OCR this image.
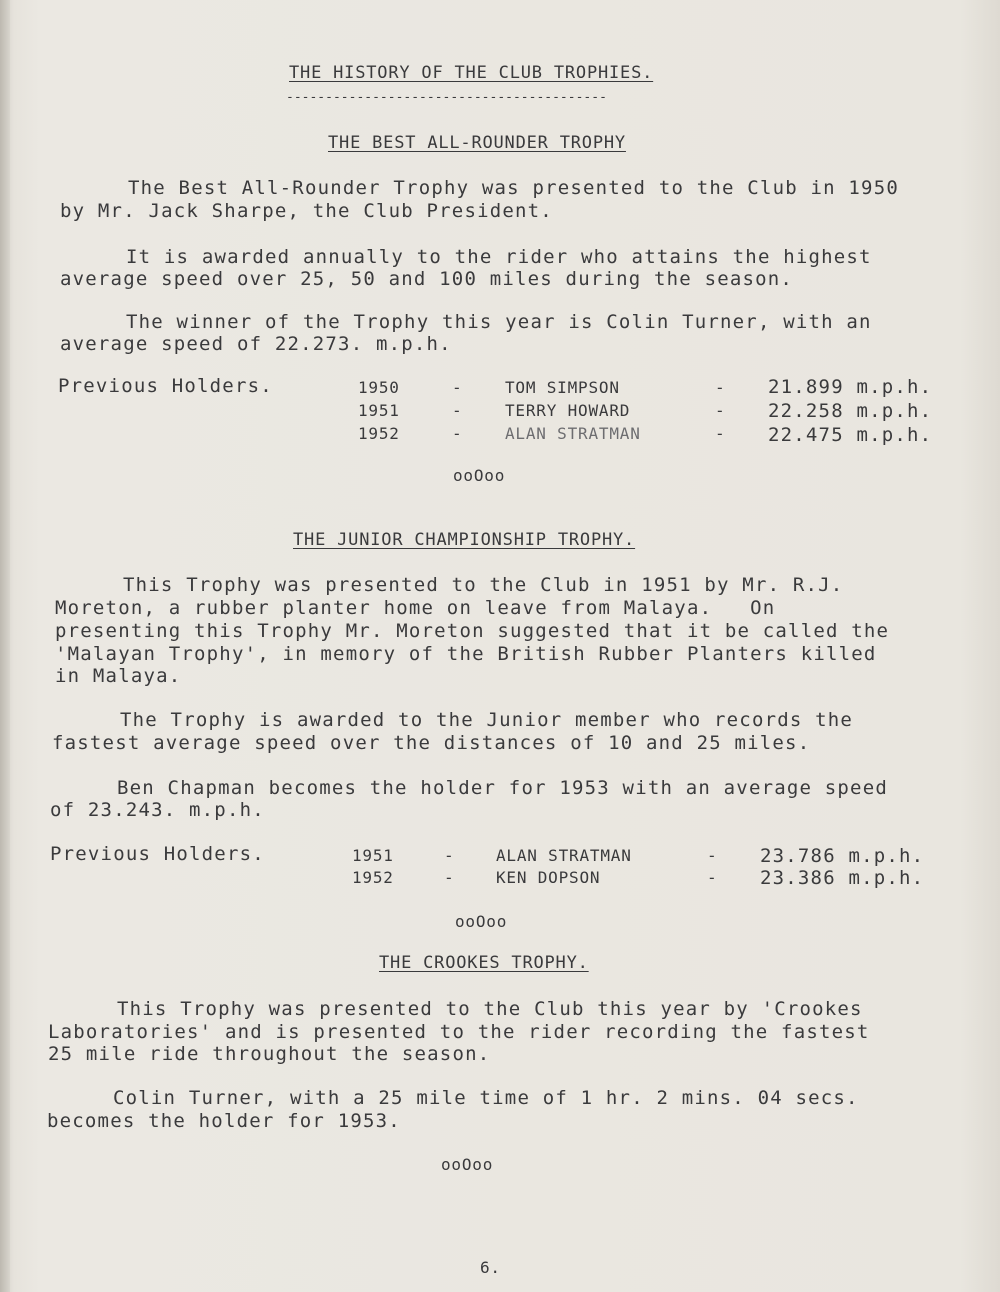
THE HISTORY OF THE CLUB TROPHIES.
-----------------------------------------
THE BEST ALL-ROUNDER TROPHY
The Best All-Rounder Trophy was presented to the Club in 1950
by Mr. Jack Sharpe, the Club President.
It is awarded annually to the rider who attains the highest
average speed over 25, 50 and 100 miles during the season.
The winner of the Trophy this year is Colin Turner, with an
average speed of 22.273. m.p.h.
Previous Holders.	1950	-	TOM SIMPSON	- 21.899 m.p.h.
1951	-	TERRY HOWARD	- 22.258 m.p.h.
1952	-	ALAN STRATMAN	- 22.475 m.p.h.
ooOoo
THE JUNIOR CHAMPIONSHIP TROPHY.
This Trophy was presented to the Club in 1951 by Mr. R.J.
Moreton, a rubber planter home on leave from Malaya.   On
presenting this Trophy Mr. Moreton suggested that it be called the
'Malayan Trophy', in memory of the British Rubber Planters killed
in Malaya.
The Trophy is awarded to the Junior member who records the
fastest average speed over the distances of 10 and 25 miles.
Ben Chapman becomes the holder for 1953 with an average speed
of 23.243. m.p.h.
Previous Holders.	1951	-	ALAN STRATMAN	- 23.786 m.p.h.
1952	-	KEN DOPSON	- 23.386 m.p.h.
ooOoo
THE CROOKES TROPHY.
This Trophy was presented to the Club this year by 'Crookes
Laboratories' and is presented to the rider recording the fastest
25 mile ride throughout the season.
Colin Turner, with a 25 mile time of 1 hr. 2 mins. 04 secs.
becomes the holder for 1953.
ooOoo
6.
